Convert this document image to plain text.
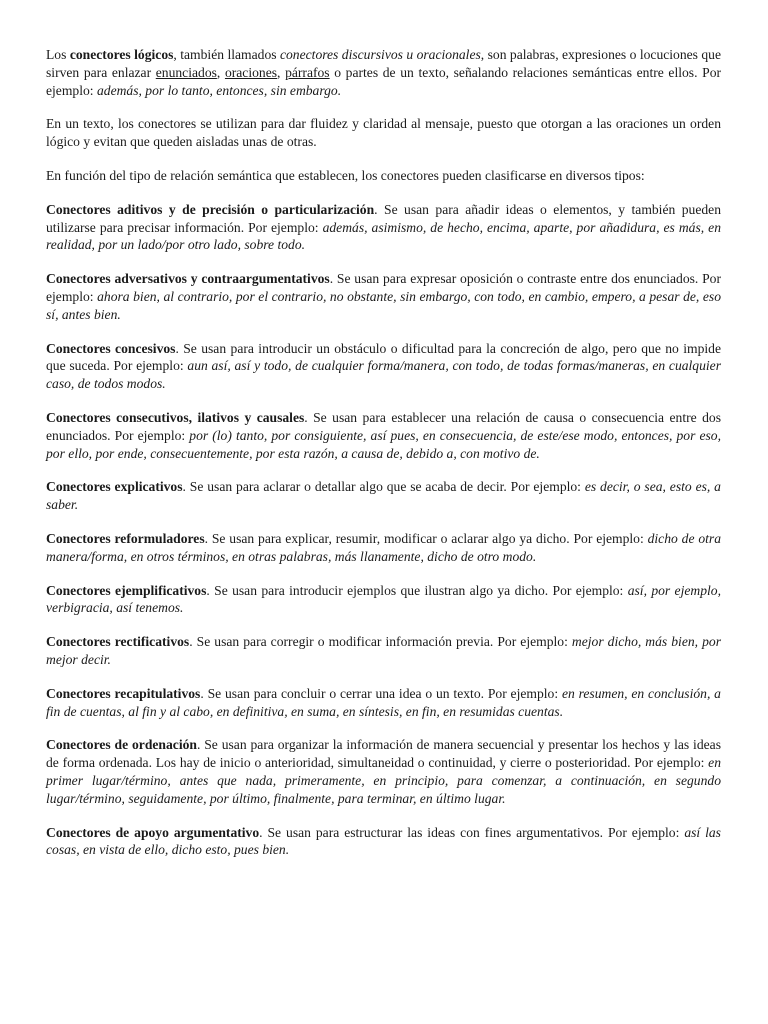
Los conectores lógicos, también llamados conectores discursivos u oracionales, son palabras, expresiones o locuciones que sirven para enlazar enunciados, oraciones, párrafos o partes de un texto, señalando relaciones semánticas entre ellos. Por ejemplo: además, por lo tanto, entonces, sin embargo.

En un texto, los conectores se utilizan para dar fluidez y claridad al mensaje, puesto que otorgan a las oraciones un orden lógico y evitan que queden aisladas unas de otras.

En función del tipo de relación semántica que establecen, los conectores pueden clasificarse en diversos tipos:

Conectores aditivos y de precisión o particularización. Se usan para añadir ideas o elementos, y también pueden utilizarse para precisar información. Por ejemplo: además, asimismo, de hecho, encima, aparte, por añadidura, es más, en realidad, por un lado/por otro lado, sobre todo.

Conectores adversativos y contraargumentativos. Se usan para expresar oposición o contraste entre dos enunciados. Por ejemplo: ahora bien, al contrario, por el contrario, no obstante, sin embargo, con todo, en cambio, empero, a pesar de, eso sí, antes bien.

Conectores concesivos. Se usan para introducir un obstáculo o dificultad para la concreción de algo, pero que no impide que suceda. Por ejemplo: aun así, así y todo, de cualquier forma/manera, con todo, de todas formas/maneras, en cualquier caso, de todos modos.

Conectores consecutivos, ilativos y causales. Se usan para establecer una relación de causa o consecuencia entre dos enunciados. Por ejemplo: por (lo) tanto, por consiguiente, así pues, en consecuencia, de este/ese modo, entonces, por eso, por ello, por ende, consecuentemente, por esta razón, a causa de, debido a, con motivo de.

Conectores explicativos. Se usan para aclarar o detallar algo que se acaba de decir. Por ejemplo: es decir, o sea, esto es, a saber.

Conectores reformuladores. Se usan para explicar, resumir, modificar o aclarar algo ya dicho. Por ejemplo: dicho de otra manera/forma, en otros términos, en otras palabras, más llanamente, dicho de otro modo.

Conectores ejemplificativos. Se usan para introducir ejemplos que ilustran algo ya dicho. Por ejemplo: así, por ejemplo, verbigracia, así tenemos.

Conectores rectificativos. Se usan para corregir o modificar información previa. Por ejemplo: mejor dicho, más bien, por mejor decir.

Conectores recapitulativos. Se usan para concluir o cerrar una idea o un texto. Por ejemplo: en resumen, en conclusión, a fin de cuentas, al fin y al cabo, en definitiva, en suma, en síntesis, en fin, en resumidas cuentas.

Conectores de ordenación. Se usan para organizar la información de manera secuencial y presentar los hechos y las ideas de forma ordenada. Los hay de inicio o anterioridad, simultaneidad o continuidad, y cierre o posterioridad. Por ejemplo: en primer lugar/término, antes que nada, primeramente, en principio, para comenzar, a continuación, en segundo lugar/término, seguidamente, por último, finalmente, para terminar, en último lugar.

Conectores de apoyo argumentativo. Se usan para estructurar las ideas con fines argumentativos. Por ejemplo: así las cosas, en vista de ello, dicho esto, pues bien.
